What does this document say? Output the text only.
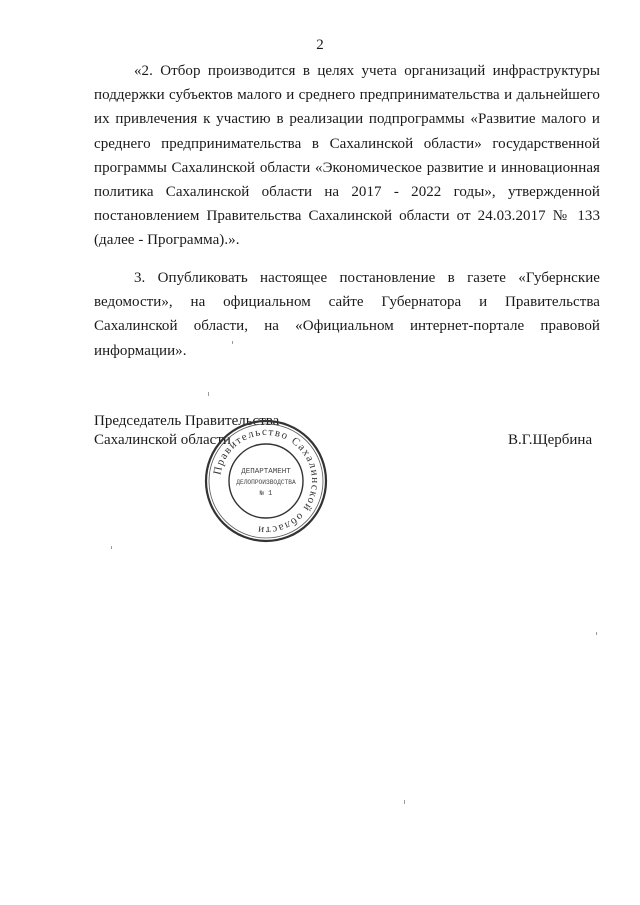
2

«2. Отбор производится в целях учета организаций инфраструктуры поддержки субъектов малого и среднего предпринимательства и дальнейшего их привлечения к участию в реализации подпрограммы «Развитие малого и среднего предпринимательства в Сахалинской области» государственной программы Сахалинской области «Экономическое развитие и инновационная политика Сахалинской области на 2017 - 2022 годы», утвержденной постановлением Правительства Сахалинской области от 24.03.2017 № 133 (далее - Программа).».

3. Опубликовать настоящее постановление в газете «Губернские ведомости», на официальном сайте Губернатора и Правительства Сахалинской области, на «Официальном интернет-портале правовой информации».

Председатель Правительства
Сахалинской области	В.Г.Щербина
Правительство Сахалинской области
ДЕПАРТАМЕНТ
ДЕЛОПРОИЗВОДСТВА
№ 1
